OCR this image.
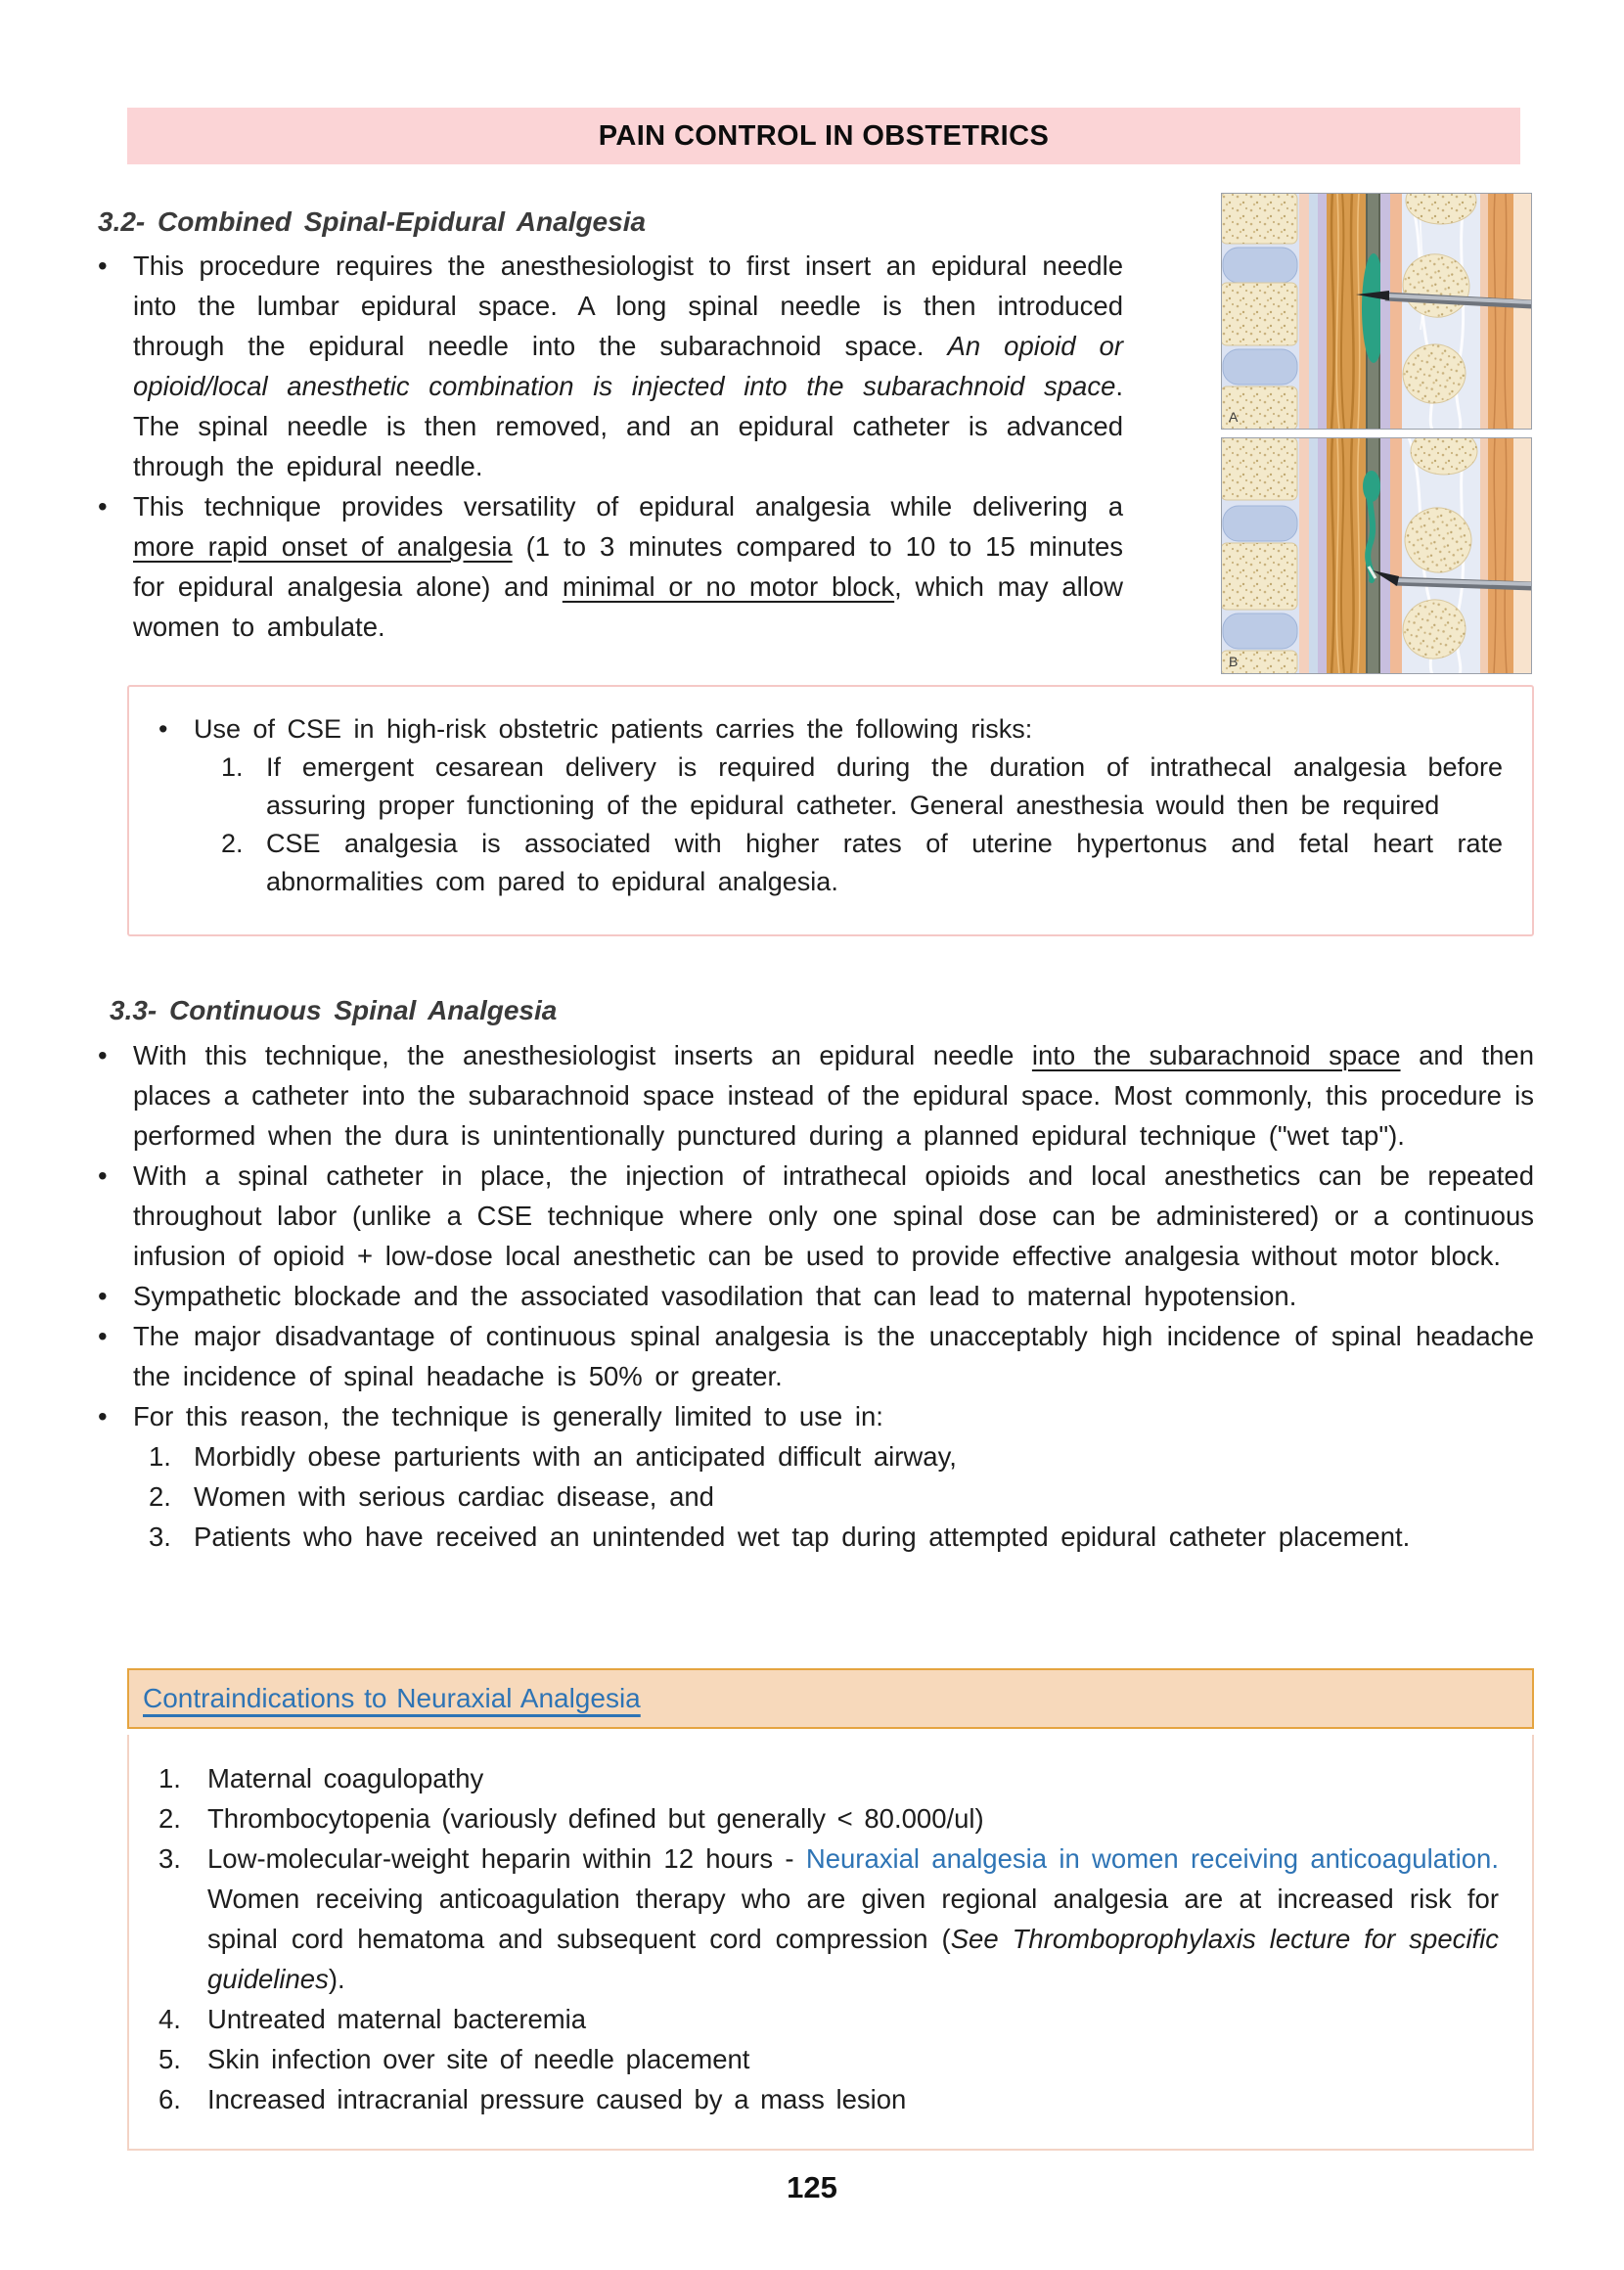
PAIN CONTROL IN OBSTETRICS
A
B
3.2- Combined Spinal-Epidural Analgesia
• This procedure requires the anesthesiologist to first insert an epidural needle into the lumbar epidural space. A long spinal needle is then introduced through the epidural needle into the subarachnoid space. An opioid or opioid/local anesthetic combination is injected into the subarachnoid space. The spinal needle is then removed, and an epidural catheter is advanced through the epidural needle.
• This technique provides versatility of epidural analgesia while delivering a more rapid onset of analgesia (1 to 3 minutes compared to 10 to 15 minutes for epidural analgesia alone) and minimal or no motor block, which may allow women to ambulate.
• Use of CSE in high-risk obstetric patients carries the following risks:
1. If emergent cesarean delivery is required during the duration of intrathecal analgesia before assuring proper functioning of the epidural catheter. General anesthesia would then be required
2. CSE analgesia is associated with higher rates of uterine hypertonus and fetal heart rate abnormalities com pared to epidural analgesia.
3.3- Continuous Spinal Analgesia
• With this technique, the anesthesiologist inserts an epidural needle into the subarachnoid space and then places a catheter into the subarachnoid space instead of the epidural space. Most commonly, this procedure is performed when the dura is unintentionally punctured during a planned epidural technique ("wet tap").
• With a spinal catheter in place, the injection of intrathecal opioids and local anesthetics can be repeated throughout labor (unlike a CSE technique where only one spinal dose can be administered) or a continuous infusion of opioid + low-dose local anesthetic can be used to provide effective analgesia without motor block.
• Sympathetic blockade and the associated vasodilation that can lead to maternal hypotension.
• The major disadvantage of continuous spinal analgesia is the unacceptably high incidence of spinal headache the incidence of spinal headache is 50% or greater.
• For this reason, the technique is generally limited to use in:
1. Morbidly obese parturients with an anticipated difficult airway,
2. Women with serious cardiac disease, and
3. Patients who have received an unintended wet tap during attempted epidural catheter placement.
Contraindications to Neuraxial Analgesia
1. Maternal coagulopathy
2. Thrombocytopenia (variously defined but generally < 80.000/ul)
3. Low-molecular-weight heparin within 12 hours - Neuraxial analgesia in women receiving anticoagulation. Women receiving anticoagulation therapy who are given regional analgesia are at increased risk for spinal cord hematoma and subsequent cord compression (See Thromboprophylaxis lecture for specific guidelines).
4. Untreated maternal bacteremia
5. Skin infection over site of needle placement
6. Increased intracranial pressure caused by a mass lesion
125
